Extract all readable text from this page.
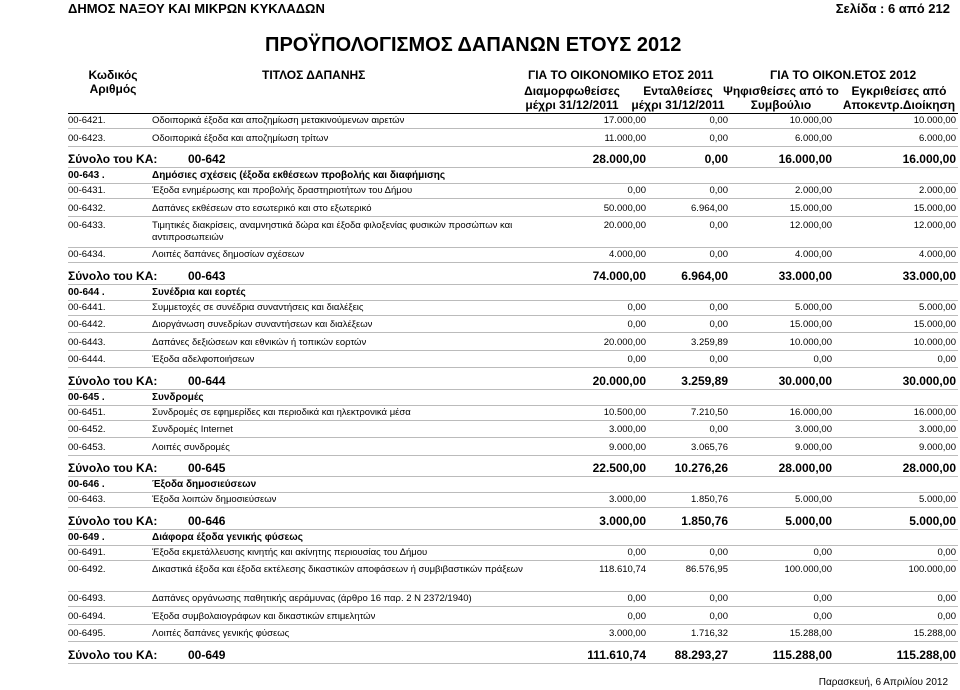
ΔΗΜΟΣ ΝΑΞΟΥ ΚΑΙ ΜΙΚΡΩΝ ΚΥΚΛΑΔΩΝ	Σελίδα : 6 από 212
ΠΡΟΫΠΟΛΟΓΙΣΜΟΣ ΔΑΠΑΝΩΝ ΕΤΟΥΣ 2012
Κωδικός
Αριθμός
ΤΙΤΛΟΣ ΔΑΠΑΝΗΣ	ΓΙΑ ΤΟ ΟΙΚΟΝΟΜΙΚΟ ΕΤΟΣ 2011
Διαμορφωθείσες
μέχρι 31/12/2011
Ενταλθείσες
μέχρι 31/12/2011
ΓΙΑ ΤΟ ΟΙΚΟΝ.ΕΤΟΣ 2012
Ψηφισθείσες από το
Συμβούλιο
Εγκριθείσες από
Αποκεντρ.Διοίκηση
00-6421.	Οδοιπορικά έξοδα και αποζημίωση μετακινούμενων αιρετών	17.000,00	0,00	10.000,00	10.000,00
00-6423.	Οδοιπορικά έξοδα και αποζημίωση τρίτων	11.000,00	0,00	6.000,00	6.000,00
Σύνολο του ΚΑ:	00-642	28.000,00	0,00	16.000,00	16.000,00
00-643 .	Δημόσιες σχέσεις (έξοδα εκθέσεων προβολής και διαφήμισης
00-6431.	Έξοδα ενημέρωσης και προβολής δραστηριοτήτων του Δήμου	0,00	0,00	2.000,00	2.000,00
00-6432.	Δαπάνες εκθέσεων στο εσωτερικό και στο εξωτερικό	50.000,00	6.964,00	15.000,00	15.000,00
00-6433.	Τιμητικές διακρίσεις, αναμνηστικά δώρα και έξοδα φιλοξενίας φυσικών προσώπων και αντιπροσωπειών
20.000,00	0,00	12.000,00	12.000,00
00-6434.	Λοιπές δαπάνες δημοσίων σχέσεων	4.000,00	0,00	4.000,00	4.000,00
Σύνολο του ΚΑ:	00-643	74.000,00	6.964,00	33.000,00	33.000,00
00-644 .	Συνέδρια και εορτές
00-6441.	Συμμετοχές σε συνέδρια συναντήσεις και διαλέξεις	0,00	0,00	5.000,00	5.000,00
00-6442.	Διοργάνωση συνεδρίων συναντήσεων και διαλέξεων	0,00	0,00	15.000,00	15.000,00
00-6443.	Δαπάνες δεξιώσεων και εθνικών ή τοπικών εορτών	20.000,00	3.259,89	10.000,00	10.000,00
00-6444.	Έξοδα αδελφοποιήσεων	0,00	0,00	0,00	0,00
Σύνολο του ΚΑ:	00-644	20.000,00	3.259,89	30.000,00	30.000,00
00-645 .	Συνδρομές
00-6451.	Συνδρομές σε εφημερίδες και περιοδικά και ηλεκτρονικά μέσα	10.500,00	7.210,50	16.000,00	16.000,00
00-6452.	Συνδρομές Internet	3.000,00	0,00	3.000,00	3.000,00
00-6453.	Λοιπές συνδρομές	9.000,00	3.065,76	9.000,00	9.000,00
Σύνολο του ΚΑ:	00-645	22.500,00 10.276,26	28.000,00	28.000,00
00-646 .	Έξοδα δημοσιεύσεων
00-6463.	Έξοδα λοιπών δημοσιεύσεων	3.000,00	1.850,76	5.000,00	5.000,00
Σύνολο του ΚΑ:	00-646	3.000,00	1.850,76	5.000,00	5.000,00
00-649 .	Διάφορα έξοδα γενικής φύσεως
00-6491.	Έξοδα εκμετάλλευσης κινητής και ακίνητης περιουσίας του Δήμου	0,00	0,00	0,00	0,00
00-6492.	Δικαστικά έξοδα και έξοδα εκτέλεσης δικαστικών αποφάσεων ή συμβιβαστικών πράξεων	118.610,74	86.576,95	100.000,00	100.000,00
00-6493.	Δαπάνες οργάνωσης παθητικής αεράμυνας (άρθρο 16 παρ. 2 Ν 2372/1940)	0,00	0,00	0,00	0,00
00-6494.	Έξοδα συμβολαιογράφων και δικαστικών επιμελητών	0,00	0,00	0,00	0,00
00-6495.	Λοιπές δαπάνες γενικής φύσεως	3.000,00	1.716,32	15.288,00	15.288,00
Σύνολο του ΚΑ:	00-649	111.610,74 88.293,27	115.288,00	115.288,00
Παρασκευή, 6 Απριλίου 2012
